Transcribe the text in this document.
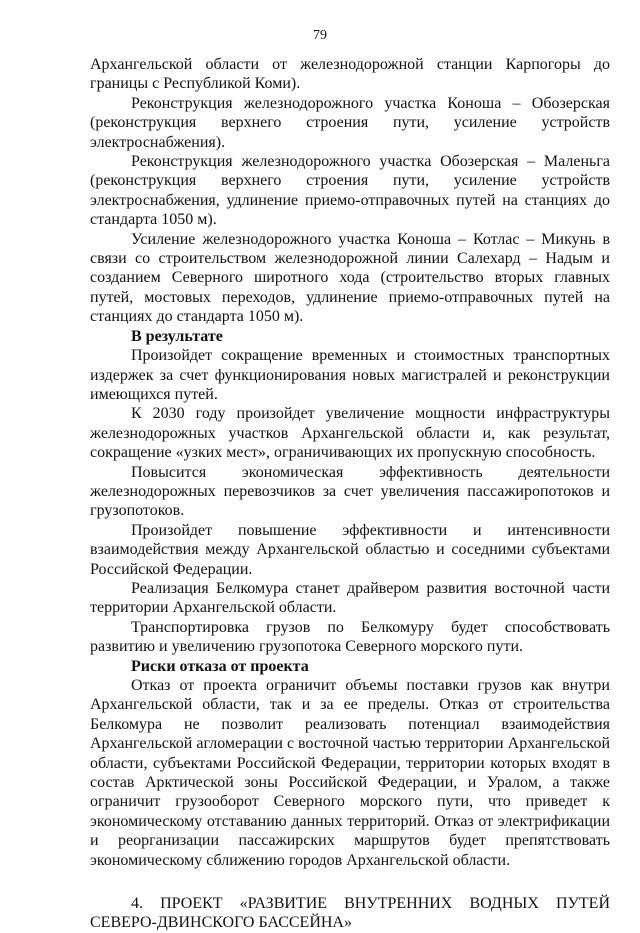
79

Архангельской области от железнодорожной станции Карпогоры до границы с Республикой Коми).

Реконструкция железнодорожного участка Коноша – Обозерская (реконструкция верхнего строения пути, усиление устройств электроснабжения).

Реконструкция железнодорожного участка Обозерская – Маленьга (реконструкция верхнего строения пути, усиление устройств электроснабжения, удлинение приемо-отправочных путей на станциях до стандарта 1050 м).

Усиление железнодорожного участка Коноша – Котлас – Микунь в связи со строительством железнодорожной линии Салехард – Надым и созданием Северного широтного хода (строительство вторых главных путей, мостовых переходов, удлинение приемо-отправочных путей на станциях до стандарта 1050 м).

В результате

Произойдет сокращение временных и стоимостных транспортных издержек за счет функционирования новых магистралей и реконструкции имеющихся путей.

К 2030 году произойдет увеличение мощности инфраструктуры железнодорожных участков Архангельской области и, как результат, сокращение «узких мест», ограничивающих их пропускную способность.

Повысится экономическая эффективность деятельности железнодорожных перевозчиков за счет увеличения пассажиропотоков и грузопотоков.

Произойдет повышение эффективности и интенсивности взаимодействия между Архангельской областью и соседними субъектами Российской Федерации.

Реализация Белкомура станет драйвером развития восточной части территории Архангельской области.

Транспортировка грузов по Белкомуру будет способствовать развитию и увеличению грузопотока Северного морского пути.

Риски отказа от проекта

Отказ от проекта ограничит объемы поставки грузов как внутри Архангельской области, так и за ее пределы. Отказ от строительства Белкомура не позволит реализовать потенциал взаимодействия Архангельской агломерации с восточной частью территории Архангельской области, субъектами Российской Федерации, территории которых входят в состав Арктической зоны Российской Федерации, и Уралом, а также ограничит грузооборот Северного морского пути, что приведет к экономическому отставанию данных территорий. Отказ от электрификации и реорганизации пассажирских маршрутов будет препятствовать экономическому сближению городов Архангельской области.

4. ПРОЕКТ «РАЗВИТИЕ ВНУТРЕННИХ ВОДНЫХ ПУТЕЙ СЕВЕРО-ДВИНСКОГО БАССЕЙНА»
